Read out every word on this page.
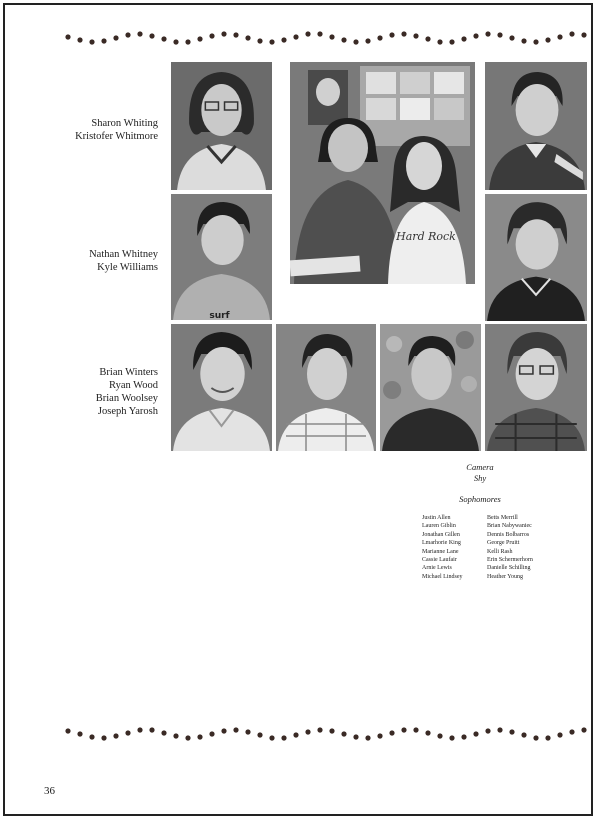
Sharon Whiting
Kristofer Whitmore
Nathan Whitney
Kyle Williams
Brian Winters
Ryan Wood
Brian Woolsey
Joseph Yarosh
Hard Rock
surf
Camera
Shy
Sophomores
Justin Allen
Lauren Giblin
Jonathan Gillen
Lmarhorie King
Marianne Lane
Cassie Laufair
Arnie Lewis
Michael Lindsey
Betts Merrill
Brian Nabywaniec
Dennis Bolbarros
George Pruitt
Kelli Rash
Erin Schermerhorn
Danielle Schilling
Heather Young
36
